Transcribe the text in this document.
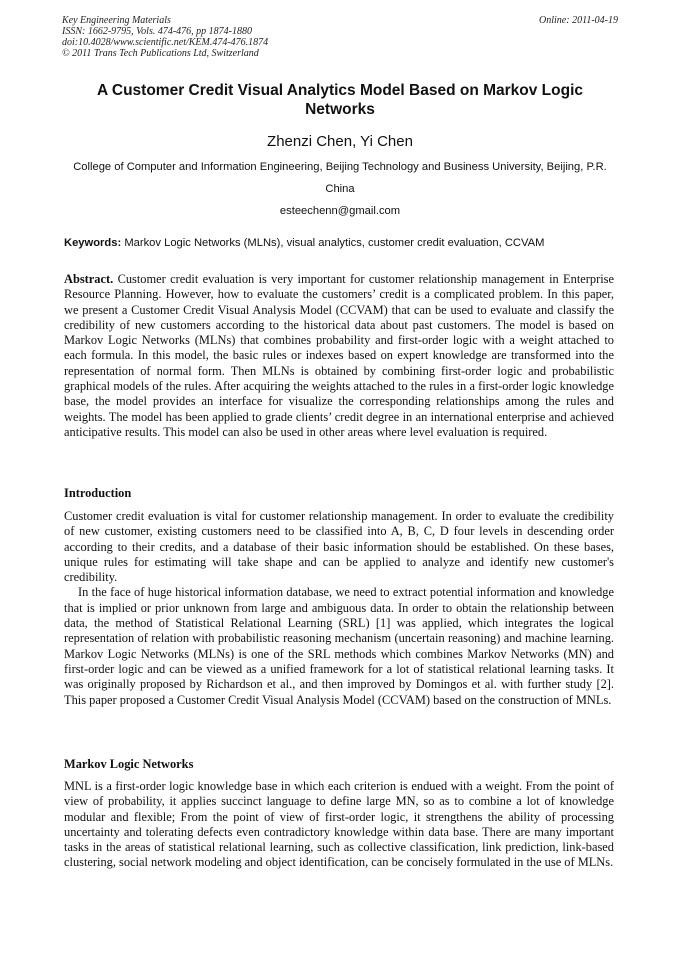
Key Engineering Materials
ISSN: 1662-9795, Vols. 474-476, pp 1874-1880
doi:10.4028/www.scientific.net/KEM.474-476.1874
© 2011 Trans Tech Publications Ltd, Switzerland
Online: 2011-04-19
A Customer Credit Visual Analytics Model Based on Markov Logic Networks
Zhenzi Chen, Yi Chen
College of Computer and Information Engineering, Beijing Technology and Business University, Beijing, P.R. China
esteechenn@gmail.com
Keywords: Markov Logic Networks (MLNs), visual analytics, customer credit evaluation, CCVAM

Abstract. Customer credit evaluation is very important for customer relationship management in Enterprise Resource Planning. However, how to evaluate the customers’ credit is a complicated problem. In this paper, we present a Customer Credit Visual Analysis Model (CCVAM) that can be used to evaluate and classify the credibility of new customers according to the historical data about past customers. The model is based on Markov Logic Networks (MLNs) that combines probability and first-order logic with a weight attached to each formula. In this model, the basic rules or indexes based on expert knowledge are transformed into the representation of normal form. Then MLNs is obtained by combining first-order logic and probabilistic graphical models of the rules. After acquiring the weights attached to the rules in a first-order logic knowledge base, the model provides an interface for visualize the corresponding relationships among the rules and weights. The model has been applied to grade clients’ credit degree in an international enterprise and achieved anticipative results. This model can also be used in other areas where level evaluation is required.

Introduction

Customer credit evaluation is vital for customer relationship management. In order to evaluate the credibility of new customer, existing customers need to be classified into A, B, C, D four levels in descending order according to their credits, and a database of their basic information should be established. On these bases, unique rules for estimating will take shape and can be applied to analyze and identify new customer's credibility.

In the face of huge historical information database, we need to extract potential information and knowledge that is implied or prior unknown from large and ambiguous data. In order to obtain the relationship between data, the method of Statistical Relational Learning (SRL) [1] was applied, which integrates the logical representation of relation with probabilistic reasoning mechanism (uncertain reasoning) and machine learning. Markov Logic Networks (MLNs) is one of the SRL methods which combines Markov Networks (MN) and first-order logic and can be viewed as a unified framework for a lot of statistical relational learning tasks. It was originally proposed by Richardson et al., and then improved by Domingos et al. with further study [2]. This paper proposed a Customer Credit Visual Analysis Model (CCVAM) based on the construction of MNLs.

Markov Logic Networks

MNL is a first-order logic knowledge base in which each criterion is endued with a weight. From the point of view of probability, it applies succinct language to define large MN, so as to combine a lot of knowledge modular and flexible; From the point of view of first-order logic, it strengthens the ability of processing uncertainty and tolerating defects even contradictory knowledge within data base. There are many important tasks in the areas of statistical relational learning, such as collective classification, link prediction, link-based clustering, social network modeling and object identification, can be concisely formulated in the use of MLNs.
